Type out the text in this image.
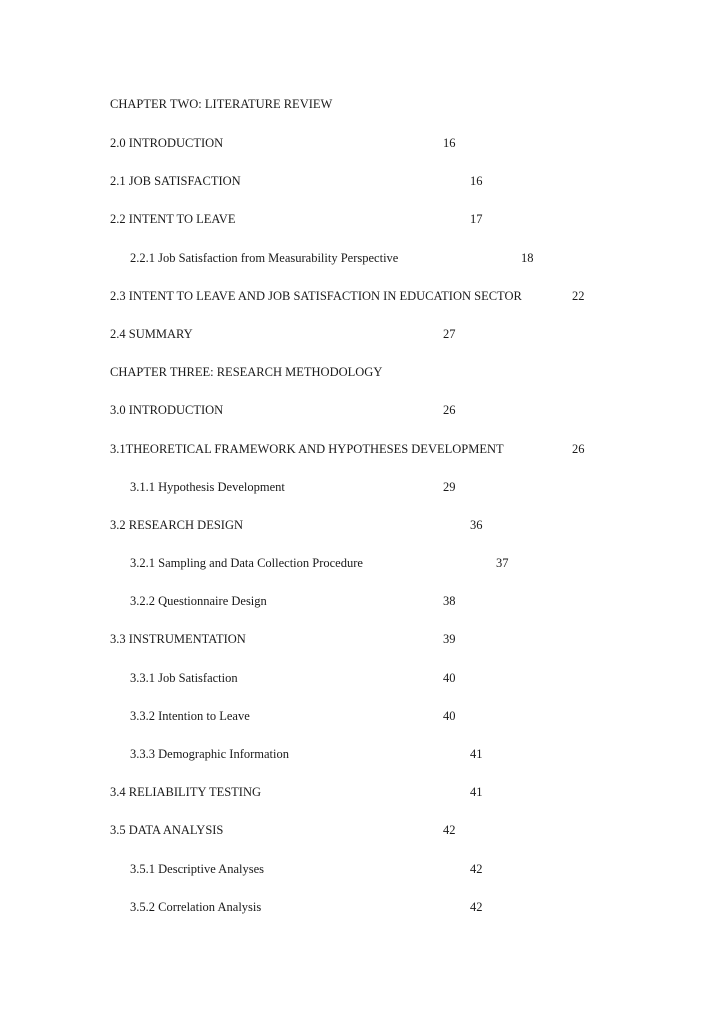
CHAPTER TWO: LITERATURE REVIEW
2.0 INTRODUCTION	16
2.1 JOB SATISFACTION	16
2.2 INTENT TO LEAVE	17
2.2.1 Job Satisfaction from Measurability Perspective	18
2.3 INTENT TO LEAVE AND JOB SATISFACTION IN EDUCATION SECTOR	22
2.4 SUMMARY	27
CHAPTER THREE: RESEARCH METHODOLOGY
3.0 INTRODUCTION	26
3.1THEORETICAL FRAMEWORK AND HYPOTHESES DEVELOPMENT	26
3.1.1 Hypothesis Development	29
3.2 RESEARCH DESIGN	36
3.2.1 Sampling and Data Collection Procedure	37
3.2.2 Questionnaire Design	38
3.3 INSTRUMENTATION	39
3.3.1 Job Satisfaction	40
3.3.2 Intention to Leave	40
3.3.3 Demographic Information	41
3.4 RELIABILITY TESTING	41
3.5 DATA ANALYSIS	42
3.5.1 Descriptive Analyses	42
3.5.2 Correlation Analysis	42
